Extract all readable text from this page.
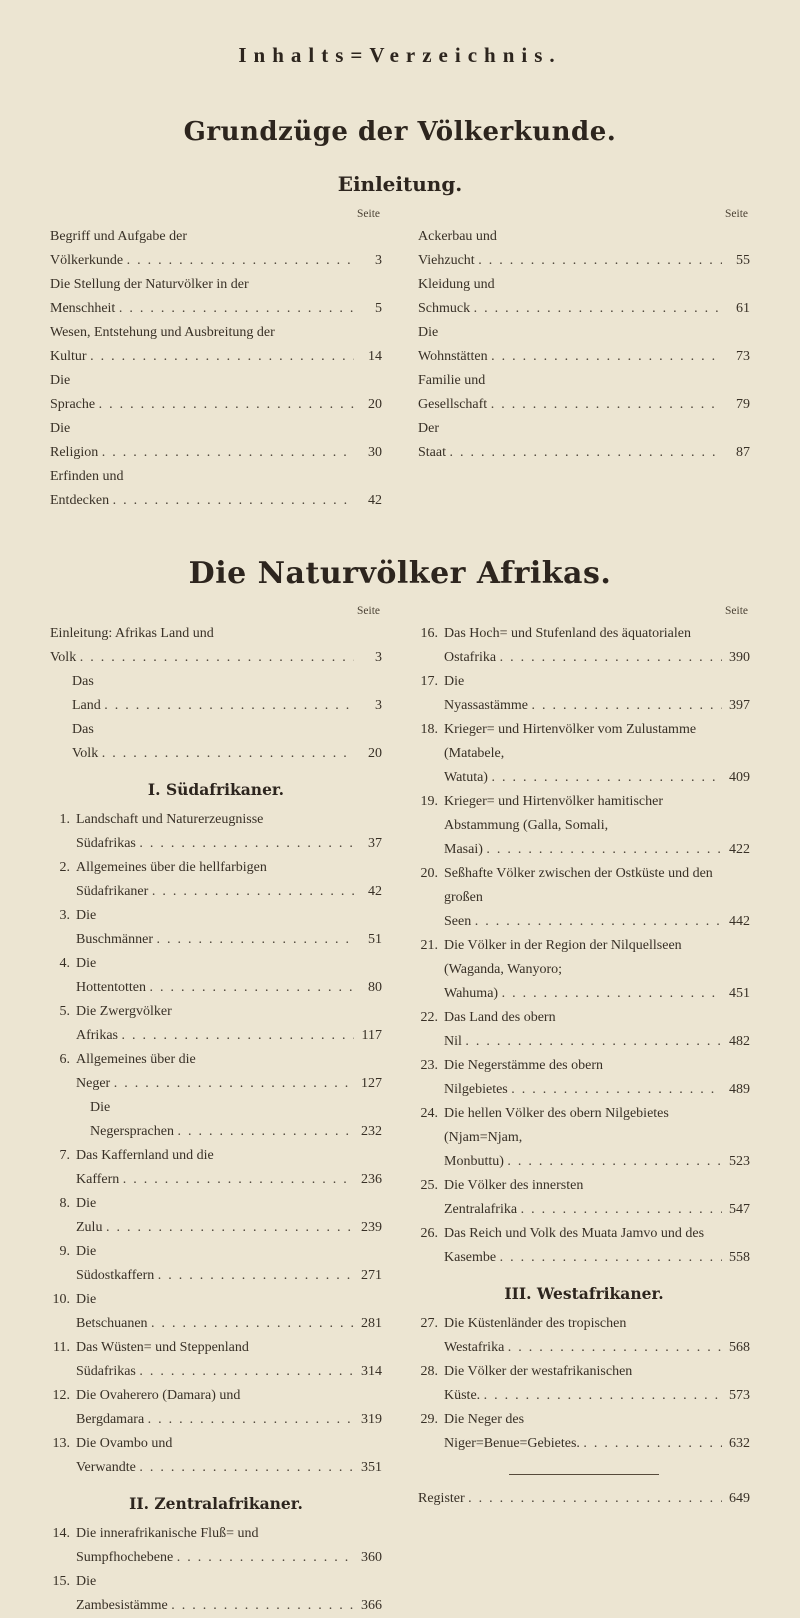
Inhalts=Verzeichnis.
Grundzüge der Völkerkunde.
Einleitung.
Seite
Begriff und Aufgabe der Völkerkunde .  .	3
Die Stellung der Naturvölker in der Menschheit .  .	5
Wesen, Entstehung und Ausbreitung der Kultur .  .	14
Die Sprache .  .	20
Die Religion .  .	30
Erfinden und Entdecken .  .	42
Seite
Ackerbau und Viehzucht .  .	55
Kleidung und Schmuck .  .	61
Die Wohnstätten .  .	73
Familie und Gesellschaft .  .	79
Der Staat .  .	87
Die Naturvölker Afrikas.
Seite
Einleitung: Afrikas Land und Volk .  .	3
Das Land .  .	3
Das Volk .  .	20
I. Südafrikaner.
1. Landschaft und Naturerzeugnisse Südafrikas .  .	37
2. Allgemeines über die hellfarbigen Südafrikaner .  .	42
3. Die Buschmänner .  .	51
4. Die Hottentotten .  .	80
5. Die Zwergvölker Afrikas .  .	117
6. Allgemeines über die Neger .  .	127
Die Negersprachen .  .	232
7. Das Kaffernland und die Kaffern .  .	236
8. Die Zulu .  .	239
9. Die Südostkaffern .  .	271
10. Die Betschuanen .  .	281
11. Das Wüsten= und Steppenland Südafrikas .  .	314
12. Die Ovaherero (Damara) und Bergdamara .  .	319
13. Die Ovambo und Verwandte .  .	351
II. Zentralafrikaner.
14. Die innerafrikanische Fluß= und Sumpfhochebene .  .	360
15. Die Zambesistämme .  .	366
Seite
16. Das Hoch= und Stufenland des äquatorialen Ostafrika .  .	390
17. Die Nyassastämme .  .	397
18. Krieger= und Hirtenvölker vom Zulustamme (Matabele, Watuta) .  .	409
19. Krieger= und Hirtenvölker hamitischer Abstammung (Galla, Somali, Masai) .  .	422
20. Seßhafte Völker zwischen der Ostküste und den großen Seen .  .	442
21. Die Völker in der Region der Nilquellseen (Waganda, Wanyoro; Wahuma) .  .	451
22. Das Land des obern Nil .  .	482
23. Die Negerstämme des obern Nilgebietes .  .	489
24. Die hellen Völker des obern Nilgebietes (Njam=Njam, Monbuttu) .  .	523
25. Die Völker des innersten Zentralafrika .  .	547
26. Das Reich und Volk des Muata Jamvo und des Kasembe .  .	558
III. Westafrikaner.
27. Die Küstenländer des tropischen Westafrika .  .	568
28. Die Völker der westafrikanischen Küste. .  .	573
29. Die Neger des Niger=Benue=Gebietes. .  .	632
Register .  .	649
